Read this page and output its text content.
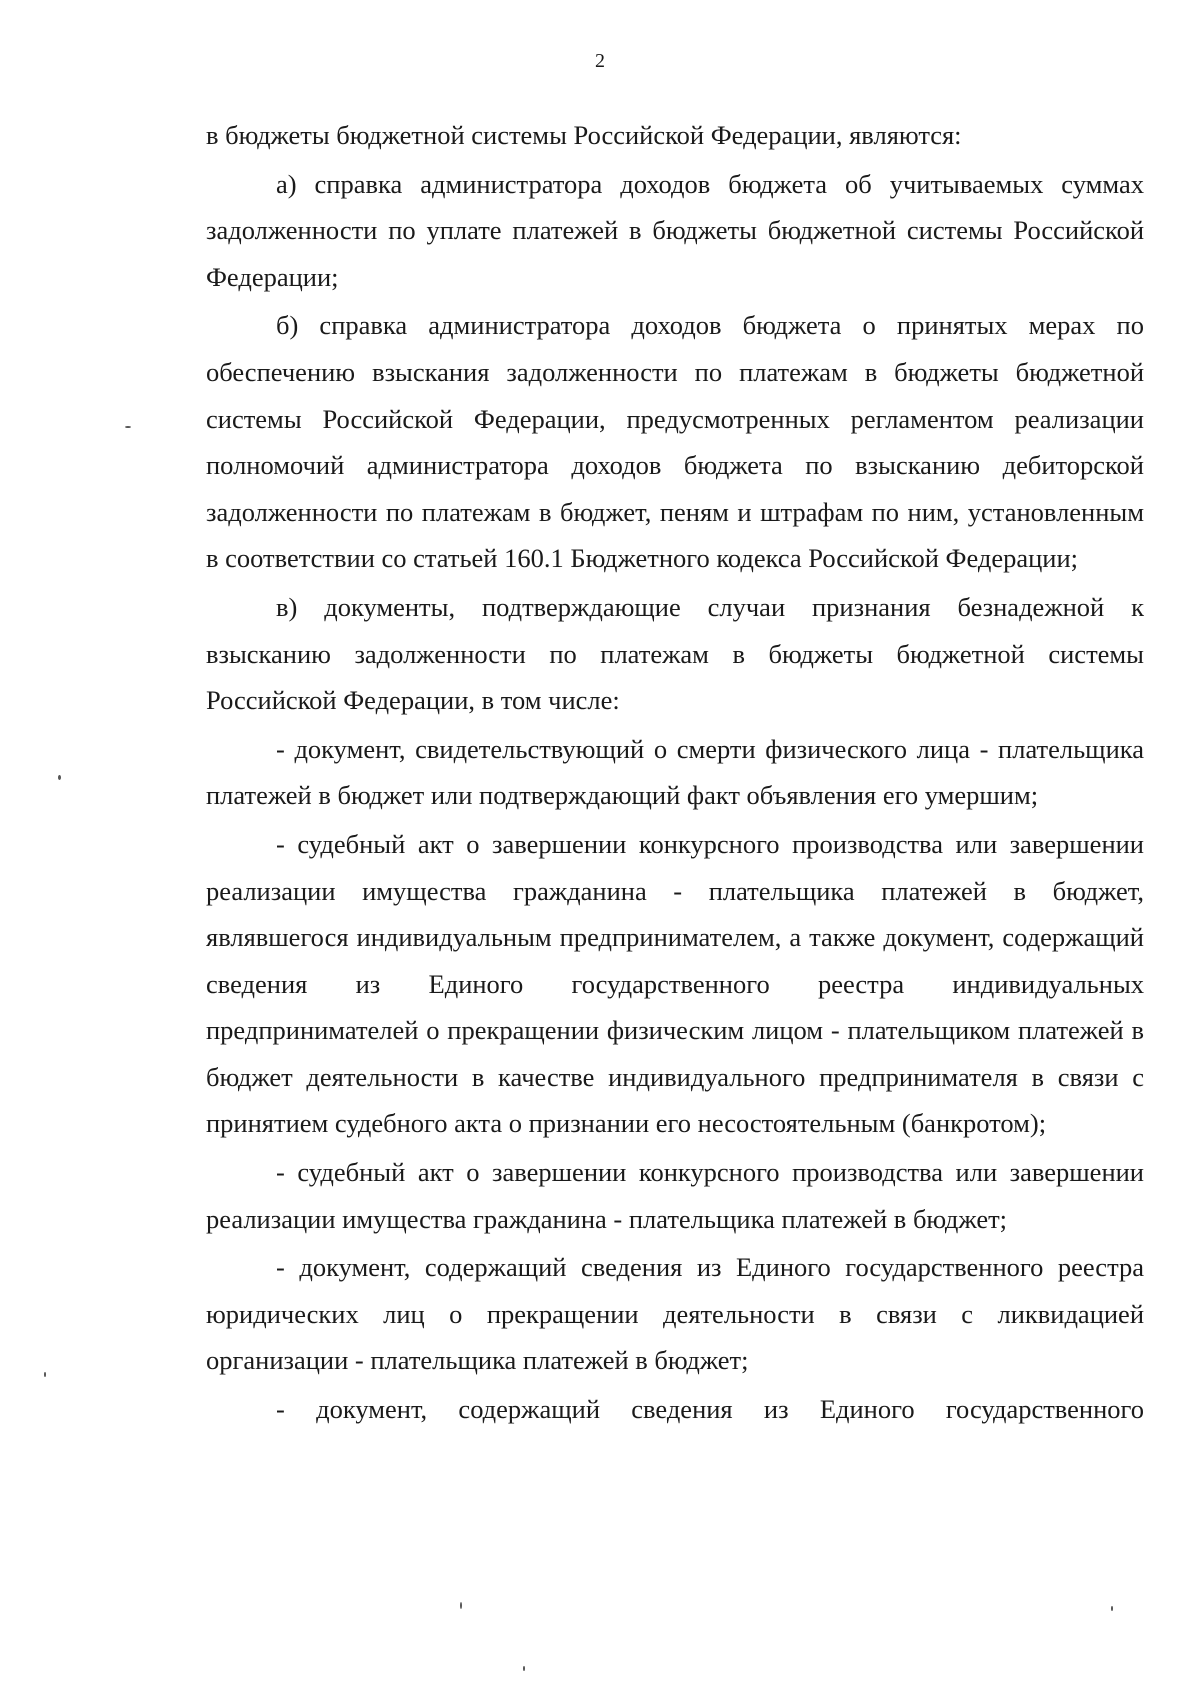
2

в бюджеты бюджетной системы Российской Федерации, являются:

а) справка администратора доходов бюджета об учитываемых суммах задолженности по уплате платежей в бюджеты бюджетной системы Российской Федерации;

б) справка администратора доходов бюджета о принятых мерах по обеспечению взыскания задолженности по платежам в бюджеты бюджетной системы Российской Федерации, предусмотренных регламентом реализации полномочий администратора доходов бюджета по взысканию дебиторской задолженности по платежам в бюджет, пеням и штрафам по ним, установленным в соответствии со статьей 160.1 Бюджетного кодекса Российской Федерации;

в) документы, подтверждающие случаи признания безнадежной к взысканию задолженности по платежам в бюджеты бюджетной системы Российской Федерации, в том числе:

- документ, свидетельствующий о смерти физического лица - плательщика платежей в бюджет или подтверждающий факт объявления его умершим;

- судебный акт о завершении конкурсного производства или завершении реализации имущества гражданина - плательщика платежей в бюджет, являвшегося индивидуальным предпринимателем, а также документ, содержащий сведения из Единого государственного реестра индивидуальных предпринимателей о прекращении физическим лицом - плательщиком платежей в бюджет деятельности в качестве индивидуального предпринимателя в связи с принятием судебного акта о признании его несостоятельным (банкротом);

- судебный акт о завершении конкурсного производства или завершении реализации имущества гражданина - плательщика платежей в бюджет;

- документ, содержащий сведения из Единого государственного реестра юридических лиц о прекращении деятельности в связи с ликвидацией организации - плательщика платежей в бюджет;

- документ, содержащий сведения из Единого государственного
